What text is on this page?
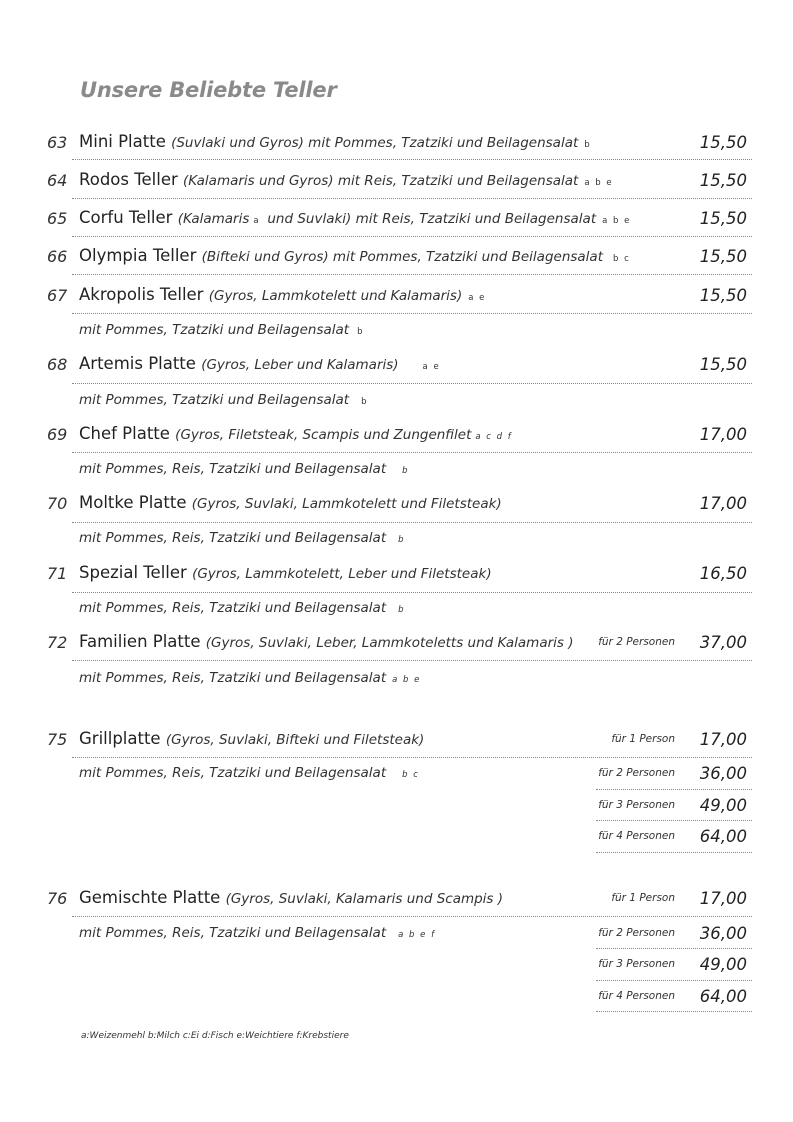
Unsere Beliebte Teller
63 Mini Platte (Suvlaki und Gyros) mit Pommes, Tzatziki und Beilagensalat b	15,50
64 Rodos Teller (Kalamaris und Gyros) mit Reis, Tzatziki und Beilagensalat a b e	15,50
65 Corfu Teller (Kalamaris a und Suvlaki) mit Reis, Tzatziki und Beilagensalat a b e	15,50
66 Olympia Teller (Bifteki und Gyros) mit Pommes, Tzatziki und Beilagensalat b c	15,50
67 Akropolis Teller (Gyros, Lammkotelett und Kalamaris) a e	15,50
mit Pommes, Tzatziki und Beilagensalat b
68 Artemis Platte (Gyros, Leber und Kalamaris)	a e	15,50
mit Pommes, Tzatziki und Beilagensalat b
69 Chef Platte (Gyros, Filetsteak, Scampis und Zungenfilet a c d f	17,00
mit Pommes, Reis, Tzatziki und Beilagensalat b
70 Moltke Platte (Gyros, Suvlaki, Lammkotelett und Filetsteak)	17,00
mit Pommes, Reis, Tzatziki und Beilagensalat b
71 Spezial Teller (Gyros, Lammkotelett, Leber und Filetsteak)	16,50
mit Pommes, Reis, Tzatziki und Beilagensalat b
72 Familien Platte (Gyros, Suvlaki, Leber, Lammkoteletts und Kalamaris ) für 2 Personen 37,00
mit Pommes, Reis, Tzatziki und Beilagensalat a b e
75 Grillplatte (Gyros, Suvlaki, Bifteki und Filetsteak)	für 1 Person 17,00
mit Pommes, Reis, Tzatziki und Beilagensalat b c	für 2 Personen 36,00
für 3 Personen 49,00
für 4 Personen 64,00
76 Gemischte Platte (Gyros, Suvlaki, Kalamaris und Scampis )	für 1 Person 17,00
mit Pommes, Reis, Tzatziki und Beilagensalat a b e f	für 2 Personen 36,00
für 3 Personen 49,00
für 4 Personen 64,00
a:Weizenmehl b:Milch c:Ei d:Fisch e:Weichtiere f:Krebstiere
